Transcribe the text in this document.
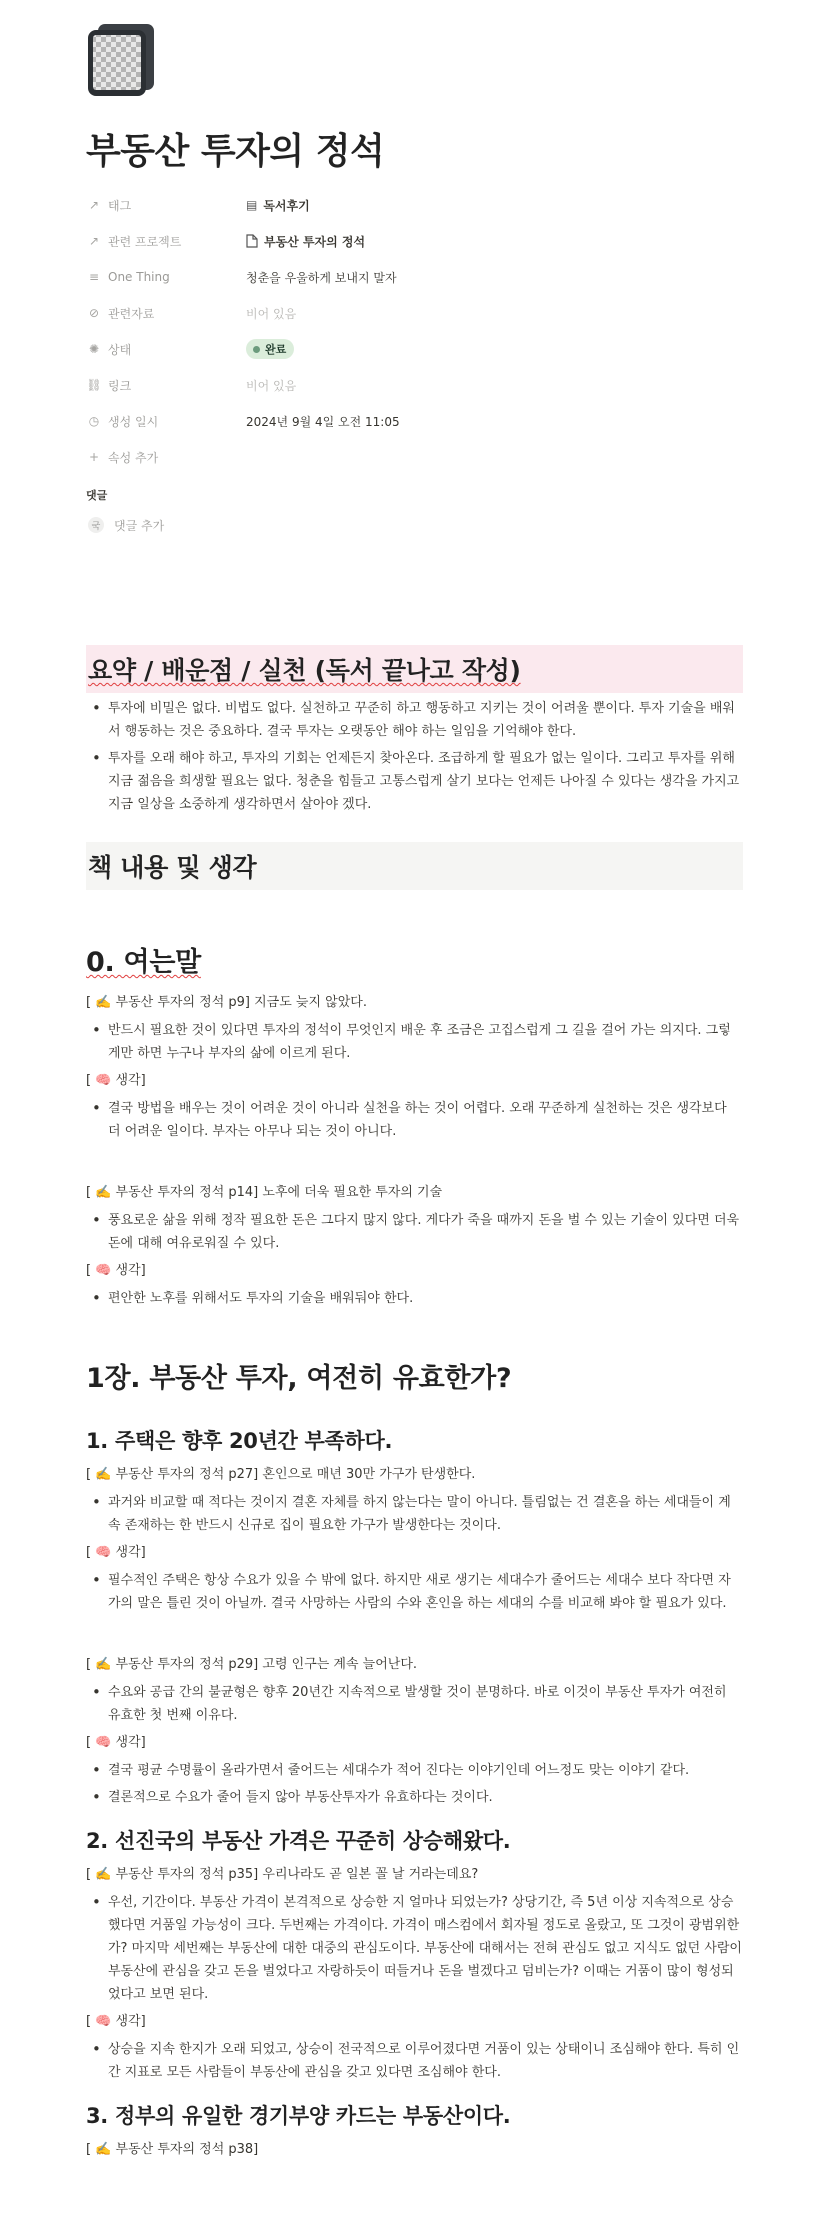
부동산 투자의 정석
↗ 태그	▤ 독서후기
↗ 관련 프로젝트	부동산 투자의 정석
≡ One Thing	청춘을 우울하게 보내지 말자
⊘ 관련자료	비어 있음
✺ 상태	완료
⛓ 링크	비어 있음
◷ 생성 일시	2024년 9월 4일 오전 11:05
+ 속성 추가
댓글
국	댓글 추가
요약 / 배운점 / 실천 (독서 끝나고 작성)
• 투자에 비밀은 없다. 비법도 없다. 실천하고 꾸준히 하고 행동하고 지키는 것이 어려울 뿐이다. 투자 기술을 배워서 행동하는 것은 중요하다. 결국 투자는 오랫동안 해야 하는 일임을 기억해야 한다.
• 투자를 오래 해야 하고, 투자의 기회는 언제든지 찾아온다. 조급하게 할 필요가 없는 일이다. 그리고 투자를 위해 지금 젊음을 희생할 필요는 없다. 청춘을 힘들고 고통스럽게 살기 보다는 언제든 나아질 수 있다는 생각을 가지고 지금 일상을 소중하게 생각하면서 살아야 겠다.
책 내용 및 생각
0. 여는말
[ ✍️ 부동산 투자의 정석 p9] 지금도 늦지 않았다.
• 반드시 필요한 것이 있다면 투자의 정석이 무엇인지 배운 후 조금은 고집스럽게 그 길을 걸어 가는 의지다. 그렇게만 하면 누구나 부자의 삶에 이르게 된다.
[ 🧠 생각]
• 결국 방법을 배우는 것이 어려운 것이 아니라 실천을 하는 것이 어렵다. 오래 꾸준하게 실천하는 것은 생각보다 더 어려운 일이다. 부자는 아무나 되는 것이 아니다.
[ ✍️ 부동산 투자의 정석 p14] 노후에 더욱 필요한 투자의 기술
• 풍요로운 삶을 위해 정작 필요한 돈은 그다지 많지 않다. 게다가 죽을 때까지 돈을 벌 수 있는 기술이 있다면 더욱 돈에 대해 여유로워질 수 있다.
[ 🧠 생각]
• 편안한 노후를 위해서도 투자의 기술을 배워둬야 한다.
1장. 부동산 투자, 여전히 유효한가?
1. 주택은 향후 20년간 부족하다.
[ ✍️ 부동산 투자의 정석 p27] 혼인으로 매년 30만 가구가 탄생한다.
• 과거와 비교할 때 적다는 것이지 결혼 자체를 하지 않는다는 말이 아니다. 틀림없는 건 결혼을 하는 세대들이 계속 존재하는 한 반드시 신규로 집이 필요한 가구가 발생한다는 것이다.
[ 🧠 생각]
• 필수적인 주택은 항상 수요가 있을 수 밖에 없다. 하지만 새로 생기는 세대수가 줄어드는 세대수 보다 작다면 자가의 말은 틀린 것이 아닐까. 결국 사망하는 사람의 수와 혼인을 하는 세대의 수를 비교해 봐야 할 필요가 있다.
[ ✍️ 부동산 투자의 정석 p29] 고령 인구는 계속 늘어난다.
• 수요와 공급 간의 불균형은 향후 20년간 지속적으로 발생할 것이 분명하다. 바로 이것이 부동산 투자가 여전히 유효한 첫 번째 이유다.
[ 🧠 생각]
• 결국 평균 수명률이 올라가면서 줄어드는 세대수가 적어 진다는 이야기인데 어느정도 맞는 이야기 같다.
• 결론적으로 수요가 줄어 들지 않아 부동산투자가 유효하다는 것이다.
2. 선진국의 부동산 가격은 꾸준히 상승해왔다.
[ ✍️ 부동산 투자의 정석 p35] 우리나라도 곧 일본 꼴 날 거라는데요?
• 우선, 기간이다. 부동산 가격이 본격적으로 상승한 지 얼마나 되었는가? 상당기간, 즉 5년 이상 지속적으로 상승했다면 거품일 가능성이 크다. 두번째는 가격이다. 가격이 매스컴에서 회자될 정도로 올랐고, 또 그것이 광범위한가? 마지막 세번째는 부동산에 대한 대중의 관심도이다. 부동산에 대해서는 전혀 관심도 없고 지식도 없던 사람이 부동산에 관심을 갖고 돈을 벌었다고 자랑하듯이 떠들거나 돈을 벌겠다고 덤비는가? 이때는 거품이 많이 형성되었다고 보면 된다.
[ 🧠 생각]
• 상승을 지속 한지가 오래 되었고, 상승이 전국적으로 이루어졌다면 거품이 있는 상태이니 조심해야 한다. 특히 인간 지표로 모든 사람들이 부동산에 관심을 갖고 있다면 조심해야 한다.
3. 정부의 유일한 경기부양 카드는 부동산이다.
[ ✍️ 부동산 투자의 정석 p38]
